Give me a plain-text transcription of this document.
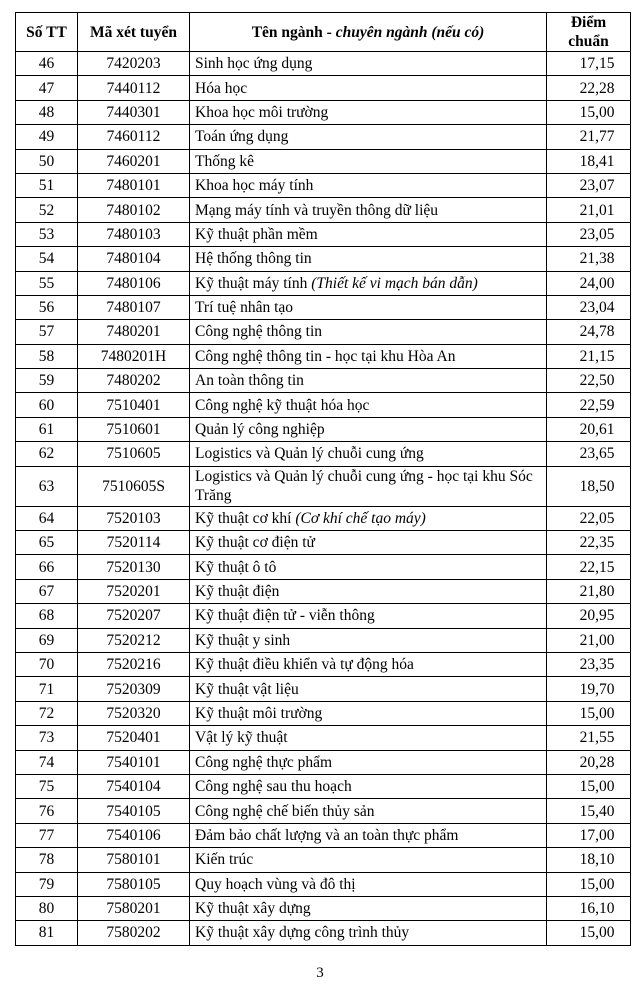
Số TT	Mã xét tuyển	Tên ngành - chuyên ngành (nếu có)	Điểm chuẩn
46	7420203	Sinh học ứng dụng	17,15
47	7440112	Hóa học	22,28
48	7440301	Khoa học môi trường	15,00
49	7460112	Toán ứng dụng	21,77
50	7460201	Thống kê	18,41
51	7480101	Khoa học máy tính	23,07
52	7480102	Mạng máy tính và truyền thông dữ liệu	21,01
53	7480103	Kỹ thuật phần mềm	23,05
54	7480104	Hệ thống thông tin	21,38
55	7480106	Kỹ thuật máy tính (Thiết kế vi mạch bán dẫn)	24,00
56	7480107	Trí tuệ nhân tạo	23,04
57	7480201	Công nghệ thông tin	24,78
58	7480201H	Công nghệ thông tin - học tại khu Hòa An	21,15
59	7480202	An toàn thông tin	22,50
60	7510401	Công nghệ kỹ thuật hóa học	22,59
61	7510601	Quản lý công nghiệp	20,61
62	7510605	Logistics và Quản lý chuỗi cung ứng	23,65
63	7510605S	Logistics và Quản lý chuỗi cung ứng - học tại khu Sóc Trăng	18,50
64	7520103	Kỹ thuật cơ khí (Cơ khí chế tạo máy)	22,05
65	7520114	Kỹ thuật cơ điện tử	22,35
66	7520130	Kỹ thuật ô tô	22,15
67	7520201	Kỹ thuật điện	21,80
68	7520207	Kỹ thuật điện tử - viễn thông	20,95
69	7520212	Kỹ thuật y sinh	21,00
70	7520216	Kỹ thuật điều khiển và tự động hóa	23,35
71	7520309	Kỹ thuật vật liệu	19,70
72	7520320	Kỹ thuật môi trường	15,00
73	7520401	Vật lý kỹ thuật	21,55
74	7540101	Công nghệ thực phẩm	20,28
75	7540104	Công nghệ sau thu hoạch	15,00
76	7540105	Công nghệ chế biến thủy sản	15,40
77	7540106	Đảm bảo chất lượng và an toàn thực phẩm	17,00
78	7580101	Kiến trúc	18,10
79	7580105	Quy hoạch vùng và đô thị	15,00
80	7580201	Kỹ thuật xây dựng	16,10
81	7580202	Kỹ thuật xây dựng công trình thủy	15,00
3
